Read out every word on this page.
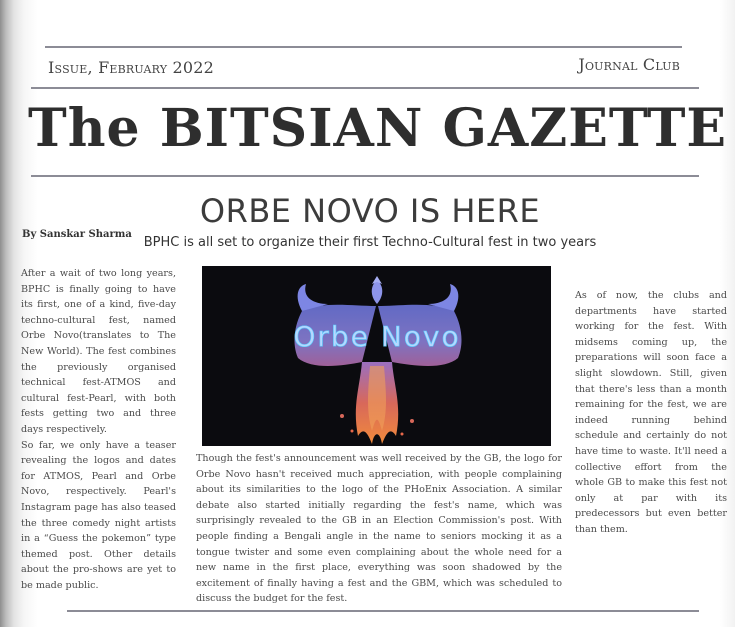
Issue, February 2022	Journal Club
The BITSIAN GAZETTE
ORBE NOVO IS HERE
BPHC is all set to organize their first Techno-Cultural fest in two years
By Sanskar Sharma

After a wait of two long years, BPHC is finally going to have its first, one of a kind, five-day techno-cultural fest, named Orbe Novo(translates to The New World). The fest combines the previously organised technical fest-ATMOS and cultural fest-Pearl, with both fests getting two and three days respectively.

So far, we only have a teaser revealing the logos and dates for ATMOS, Pearl and Orbe Novo, respectively. Pearl's Instagram page has also teased the three comedy night artists in a “Guess the pokemon” type themed post. Other details about the pro-shows are yet to be made public.

Orbe Novo
Though the fest's announcement was well received by the GB, the logo for Orbe Novo hasn't received much appreciation, with people complaining about its similarities to the logo of the PHoEnix Association. A similar debate also started initially regarding the fest's name, which was surprisingly revealed to the GB in an Election Commission's post. With people finding a Bengali angle in the name to seniors mocking it as a tongue twister and some even complaining about the whole need for a new name in the first place, everything was soon shadowed by the excitement of finally having a fest and the GBM, which was scheduled to discuss the budget for the fest.
As of now, the clubs and departments have started working for the fest. With midsems coming up, the preparations will soon face a slight slowdown. Still, given that there's less than a month remaining for the fest, we are indeed running behind schedule and certainly do not have time to waste. It'll need a collective effort from the whole GB to make this fest not only at par with its predecessors but even better than them.
